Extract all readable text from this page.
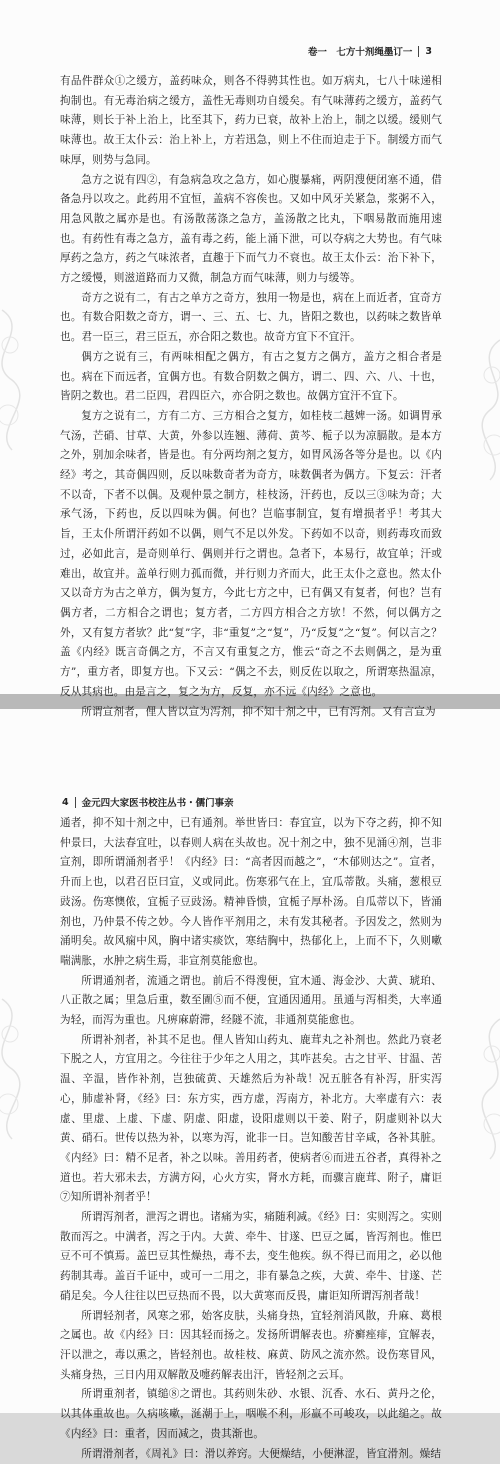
卷一　七方十剂绳墨订一 3

有品件群众①之缓方，盖药味众，则各不得骋其性也。如万病丸，七八十味递相拘制也。有无毒治病之缓方，盖性无毒则功自缓矣。有气味薄药之缓方，盖药气味薄，则长于补上治上，比至其下，药力已衰，故补上治上，制之以缓。缓则气味薄也。故王太仆云：治上补上，方若迅急，则上不住而迫走于下。制缓方而气味厚，则势与急同。

急方之说有四②，有急病急攻之急方，如心腹暴痛，两阴溲便闭塞不通，借备急丹以攻之。此药用不宜恒，盖病不容俟也。又如中风牙关紧急，浆粥不入，用急风散之属亦是也。有汤散荡涤之急方，盖汤散之比丸，下咽易散而施用速也。有药性有毒之急方，盖有毒之药，能上涌下泄，可以夺病之大势也。有气味厚药之急方，药之气味浓者，直趣于下而气力不衰也。故王太仆云：治下补下，方之缓慢，则滋道路而力又微，制急方而气味薄，则力与缓等。

奇方之说有二，有古之单方之奇方，独用一物是也，病在上而近者，宜奇方也。有数合阳数之奇方，谓一、三、五、七、九，皆阳之数也，以药味之数皆单也。君一臣三，君三臣五，亦合阳之数也。故奇方宜下不宜汗。

偶方之说有三，有两味相配之偶方，有古之复方之偶方，盖方之相合者是也。病在下而远者，宜偶方也。有数合阴数之偶方，谓二、四、六、八、十也，皆阴之数也。君二臣四，君四臣六，亦合阴之数也。故偶方宜汗不宜下。

复方之说有二，方有二方、三方相合之复方，如桂枝二越婢一汤。如调胃承气汤，芒硝、甘草、大黄，外参以连翘、薄荷、黄芩、栀子以为凉膈散。是本方之外，别加余味者，皆是也。有分两均剂之复方，如胃风汤各等分是也。以《内经》考之，其奇偶四则，反以味数奇者为奇方，味数偶者为偶方。下复云：汗者不以奇，下者不以偶。及观仲景之制方，桂枝汤，汗药也，反以三③味为奇；大承气汤，下药也，反以四味为偶。何也？岂临事制宜，复有增损者乎！考其大旨，王太仆所谓汗药如不以偶，则气不足以外发。下药如不以奇，则药毒攻而致过，必如此言，是奇则单行、偶则并行之谓也。急者下，本易行，故宜单；汗或难出，故宜并。盖单行则力孤而微，并行则力齐而大，此王太仆之意也。然太仆又以奇方为古之单方，偶为复方，今此七方之中，已有偶又有复者，何也？岂有偶方者，二方相合之谓也；复方者，二方四方相合之方欤！不然，何以偶方之外，又有复方者欤？此“复”字，非“重复”之“复”，乃“反复”之“复”。何以言之？盖《内经》既言奇偶之方，不言又有重复之方，惟云“奇之不去则偶之，是为重方”，重方者，即复方也。下又云：“偶之不去，则反佐以取之，所谓寒热温凉，反从其病也。由是言之，复之为方，反复，亦不远《内经》之意也。

所谓宣剂者，俚人皆以宣为泻剂，抑不知十剂之中，已有泻剂。又有言宣为

4 金元四大家医书校注丛书・儒门事亲

通者，抑不知十剂之中，已有通剂。举世皆曰：春宜宣，以为下夺之药，抑不知仲景曰，大法春宜吐，以春则人病在头故也。况十剂之中，独不见涌④剂，岂非宣剂，即所谓涌剂者乎！《内经》曰：“高者因而越之”，“木郁则达之”。宣者，升而上也，以君召臣曰宣，义或同此。伤寒邪气在上，宜瓜蒂散。头痛，葱根豆豉汤。伤寒懊侬，宜栀子豆豉汤。精神昏愦，宜栀子厚朴汤。自瓜蒂以下，皆涌剂也，乃仲景不传之妙。今人皆作平剂用之，未有发其秘者。予因发之，然则为涌明矣。故风痫中风，胸中诸实痰饮，寒结胸中，热郁化上，上而不下，久则嗽喘满胀，水肿之病生焉，非宣剂莫能愈也。

所谓通剂者，流通之谓也。前后不得溲便，宜木通、海金沙、大黄、琥珀、八正散之属；里急后重，数至圊⑤而不便，宜通因通用。虽通与泻相类，大率通为轻，而泻为重也。凡痹麻蔚滞，经隧不流，非通剂莫能愈也。

所谓补剂者，补其不足也。俚人皆知山药丸、鹿茸丸之补剂也。然此乃衰老下脱之人，方宜用之。今往往于少年之人用之，其咋甚矣。古之甘平、甘温、苦温、辛温，皆作补剂，岂独硫黄、天雄然后为补哉！况五脏各有补泻，肝实泻心，肺虚补肾，《经》曰：东方实，西方虚，泻南方，补北方。大率虚有六：表虚、里虚、上虚、下虚、阴虚、阳虚，设阳虚则以干姜、附子，阴虚则补以大黄、硝石。世传以热为补，以寒为泻，讹非一日。岂知酸苦甘辛咸，各补其脏。《内经》曰：精不足者，补之以味。善用药者，使病者⑥而进五谷者，真得补之道也。若大邪未去，方满方闷，心火方实，肾水方耗，而骤言鹿茸、附子，庸讵⑦知所谓补剂者乎！

所谓泻剂者，泄泻之谓也。诸痛为实，痛随利减。《经》曰：实则泻之。实则散而泻之。中满者，泻之于内。大黄、牵牛、甘遂、巴豆之属，皆泻剂也。惟巴豆不可不慎焉。盖巴豆其性燥热，毒不去，变生他疾。纵不得已而用之，必以他药制其毒。盖百千证中，或可一二用之，非有暴急之疾，大黄、牵牛、甘遂、芒硝足矣。今人往往以巴豆热而不畏，以大黄寒而反畏，庸讵知所谓泻剂者哉！

所谓轻剂者，风寒之邪，始客皮肤，头痛身热，宜轻剂消风散，升麻、葛根之属也。故《内经》曰：因其轻而扬之。发扬所谓解表也。疥癣痤痱，宜解表，汗以泄之，毒以熏之，皆轻剂也。故桂枝、麻黄、防风之流亦然。设伤寒冒风，头痛身热，三日内用双解散及嚏药解表出汗，皆轻剂之云耳。

所谓重剂者，镇缒⑧之谓也。其药则朱砂、水银、沉香、水石、黄丹之伦，以其体重故也。久病咳嗽，涎潮于上，咽喉不利，形羸不可峻攻，以此缒之。故《内经》曰：重者，因而减之，贵其渐也。

所谓滑剂者，《周礼》曰：滑以养窍。大便燥结，小便淋涩，皆宜滑剂。燥结
